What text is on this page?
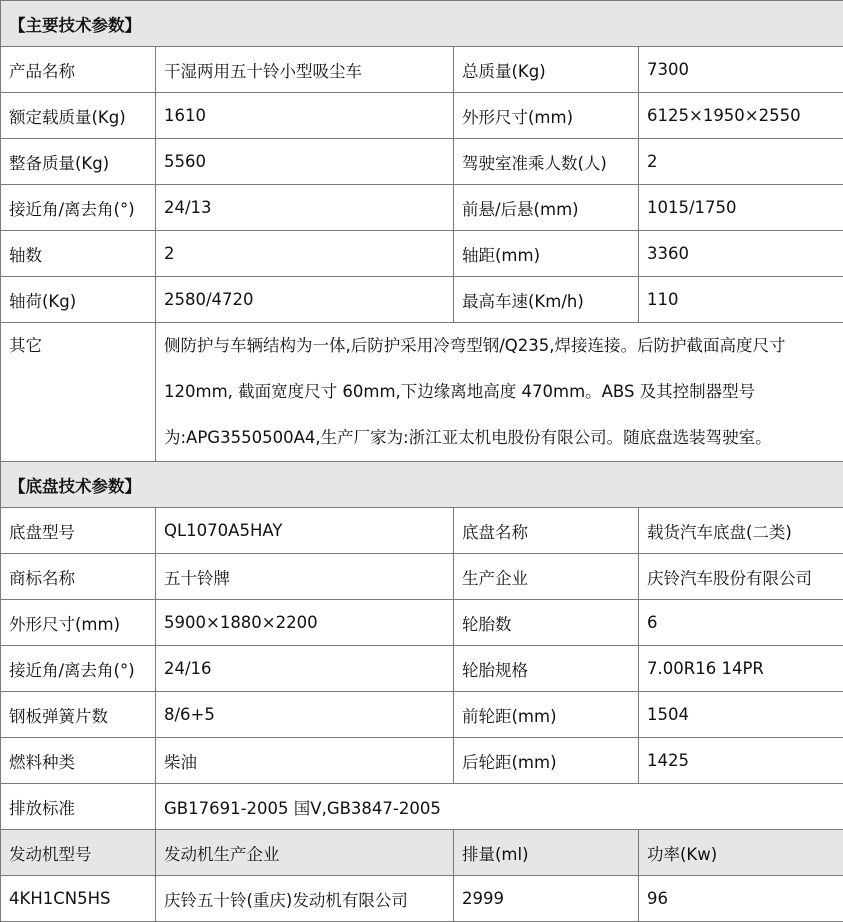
【主要技术参数】			
产品名称	干湿两用五十铃小型吸尘车	总质量(Kg)	7300
额定载质量(Kg)	1610	外形尺寸(mm)	6125×1950×2550
整备质量(Kg)	5560	驾驶室准乘人数(人)	2
接近角/离去角(°)	24/13	前悬/后悬(mm)	1015/1750
轴数	2	轴距(mm)	3360
轴荷(Kg)	2580/4720	最高车速(Km/h)	110

其它	侧防护与车辆结构为一体,后防护采用冷弯型钢/Q235,焊接连接。后防护截面高度尺寸
120mm, 截面宽度尺寸 60mm,下边缘离地高度 470mm。ABS 及其控制器型号
为:APG3550500A4,生产厂家为:浙江亚太机电股份有限公司。随底盘选装驾驶室。		

【底盘技术参数】			
底盘型号	QL1070A5HAY	底盘名称	载货汽车底盘(二类)
商标名称	五十铃牌	生产企业	庆铃汽车股份有限公司
外形尺寸(mm)	5900×1880×2200	轮胎数	6
接近角/离去角(°)	24/16	轮胎规格	7.00R16 14PR
钢板弹簧片数	8/6+5	前轮距(mm)	1504
燃料种类	柴油	后轮距(mm)	1425
排放标准	GB17691-2005 国Ⅴ,GB3847-2005		
发动机型号	发动机生产企业	排量(ml)	功率(Kw)
4KH1CN5HS	庆铃五十铃(重庆)发动机有限公司	2999	96
